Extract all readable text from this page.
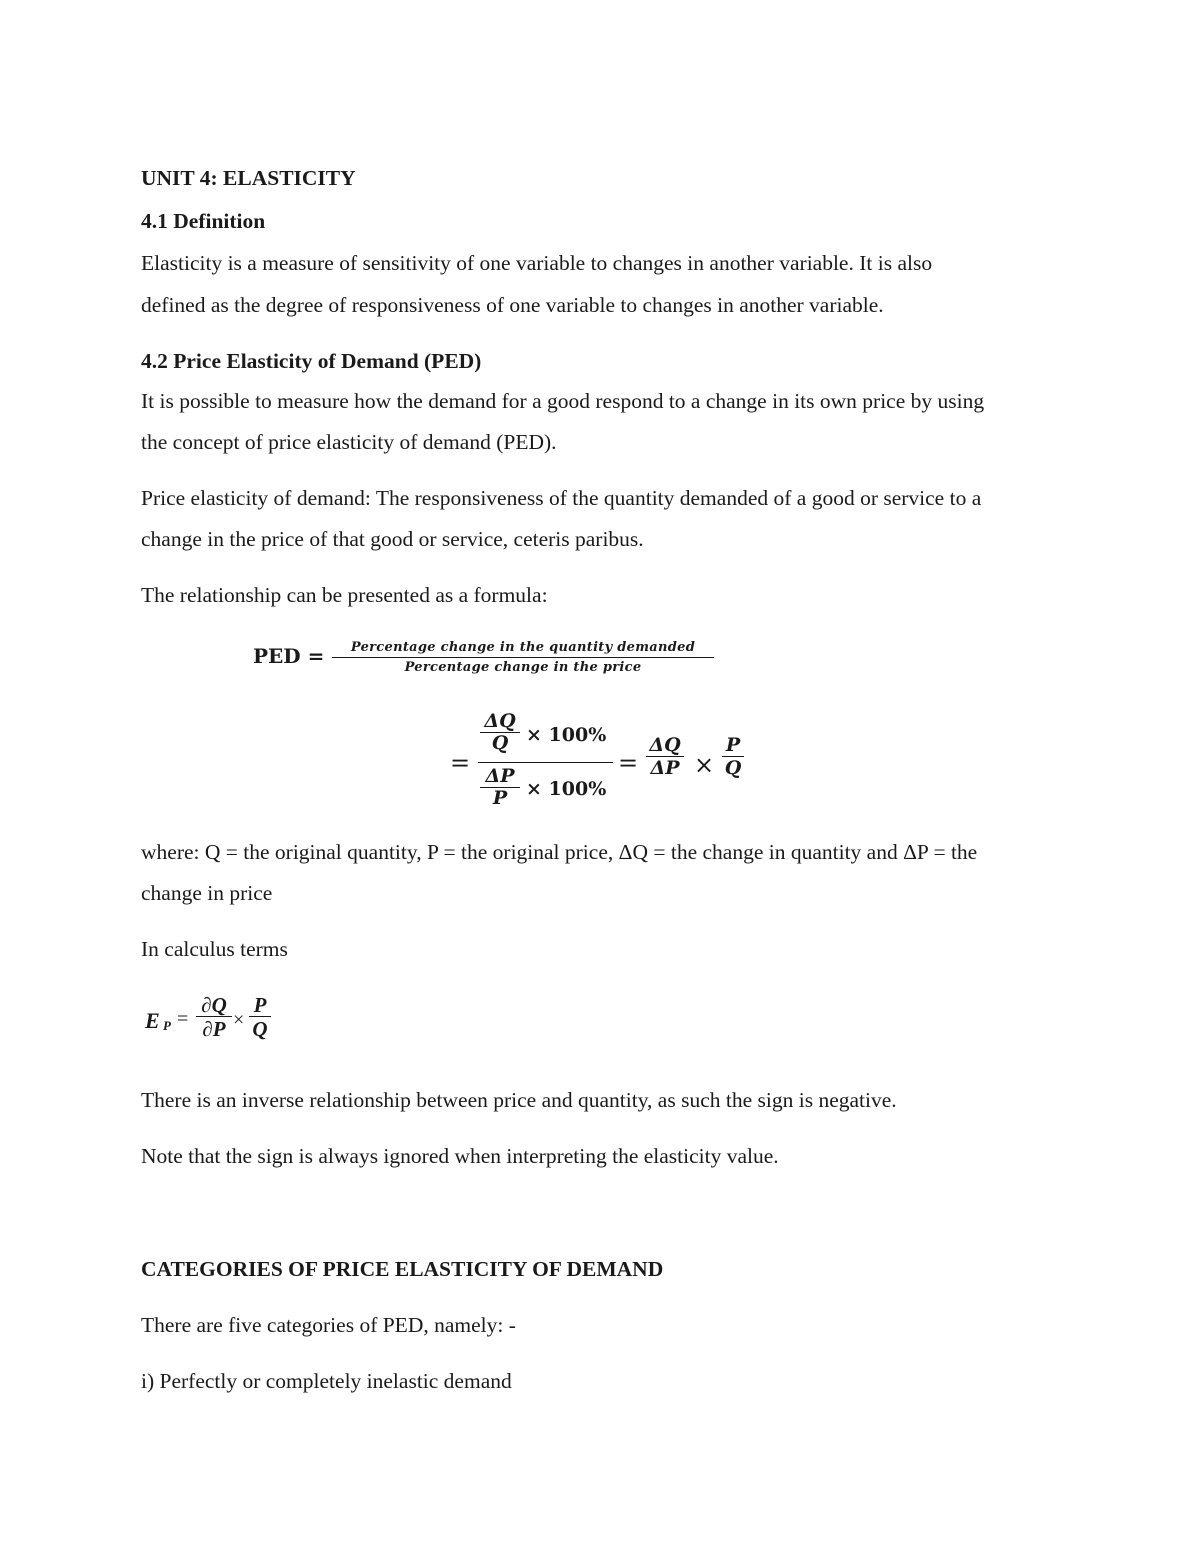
UNIT 4: ELASTICITY
4.1 Definition
Elasticity is a measure of sensitivity of one variable to changes in another variable. It is also
defined as the degree of responsiveness of one variable to changes in another variable.
4.2 Price Elasticity of Demand (PED)
It is possible to measure how the demand for a good respond to a change in its own price by using
the concept of price elasticity of demand (PED).
Price elasticity of demand: The responsiveness of the quantity demanded of a good or service to a
change in the price of that good or service, ceteris paribus.
The relationship can be presented as a formula:
PED = Percentage change in the quantity demanded
Percentage change in the price
=
ΔQ
Q × 100%
ΔP
P × 100%
=
ΔQ
ΔP ×
P
Q
where: Q = the original quantity, P = the original price, ΔQ = the change in quantity and ΔP = the
change in price
In calculus terms
E P =
∂Q
∂P ×
P
Q
There is an inverse relationship between price and quantity, as such the sign is negative.
Note that the sign is always ignored when interpreting the elasticity value.
CATEGORIES OF PRICE ELASTICITY OF DEMAND
There are five categories of PED, namely: -
i) Perfectly or completely inelastic demand
